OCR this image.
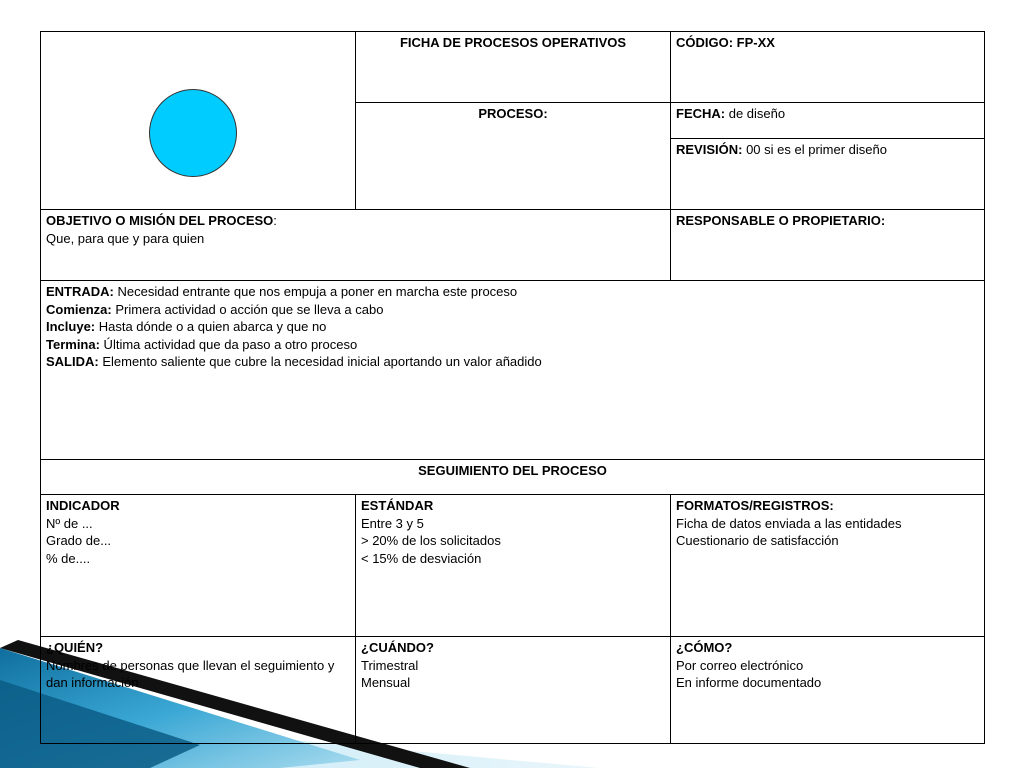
FICHA DE PROCESOS OPERATIVOS	CÓDIGO: FP-XX
PROCESO:	FECHA: de diseño
REVISIÓN: 00 si es el primer diseño
OBJETIVO O MISIÓN DEL PROCESO:
Que, para que y para quien
RESPONSABLE O PROPIETARIO:
ENTRADA: Necesidad entrante que nos empuja a poner en marcha este proceso
Comienza: Primera actividad o acción que se lleva a cabo
Incluye: Hasta dónde o a quien abarca y que no
Termina: Última actividad que da paso a otro proceso
SALIDA: Elemento saliente que cubre la necesidad inicial aportando un valor añadido
SEGUIMIENTO DEL PROCESO
INDICADOR
Nº de ...
Grado de...
% de....
ESTÁNDAR
Entre 3 y 5
> 20% de los solicitados
< 15% de desviación
FORMATOS/REGISTROS:
Ficha de datos enviada a las entidades
Cuestionario de satisfacción
¿QUIÉN?
Nombres de personas que llevan el seguimiento y dan información
¿CUÁNDO?
Trimestral
Mensual
¿CÓMO?
Por correo electrónico
En informe documentado
